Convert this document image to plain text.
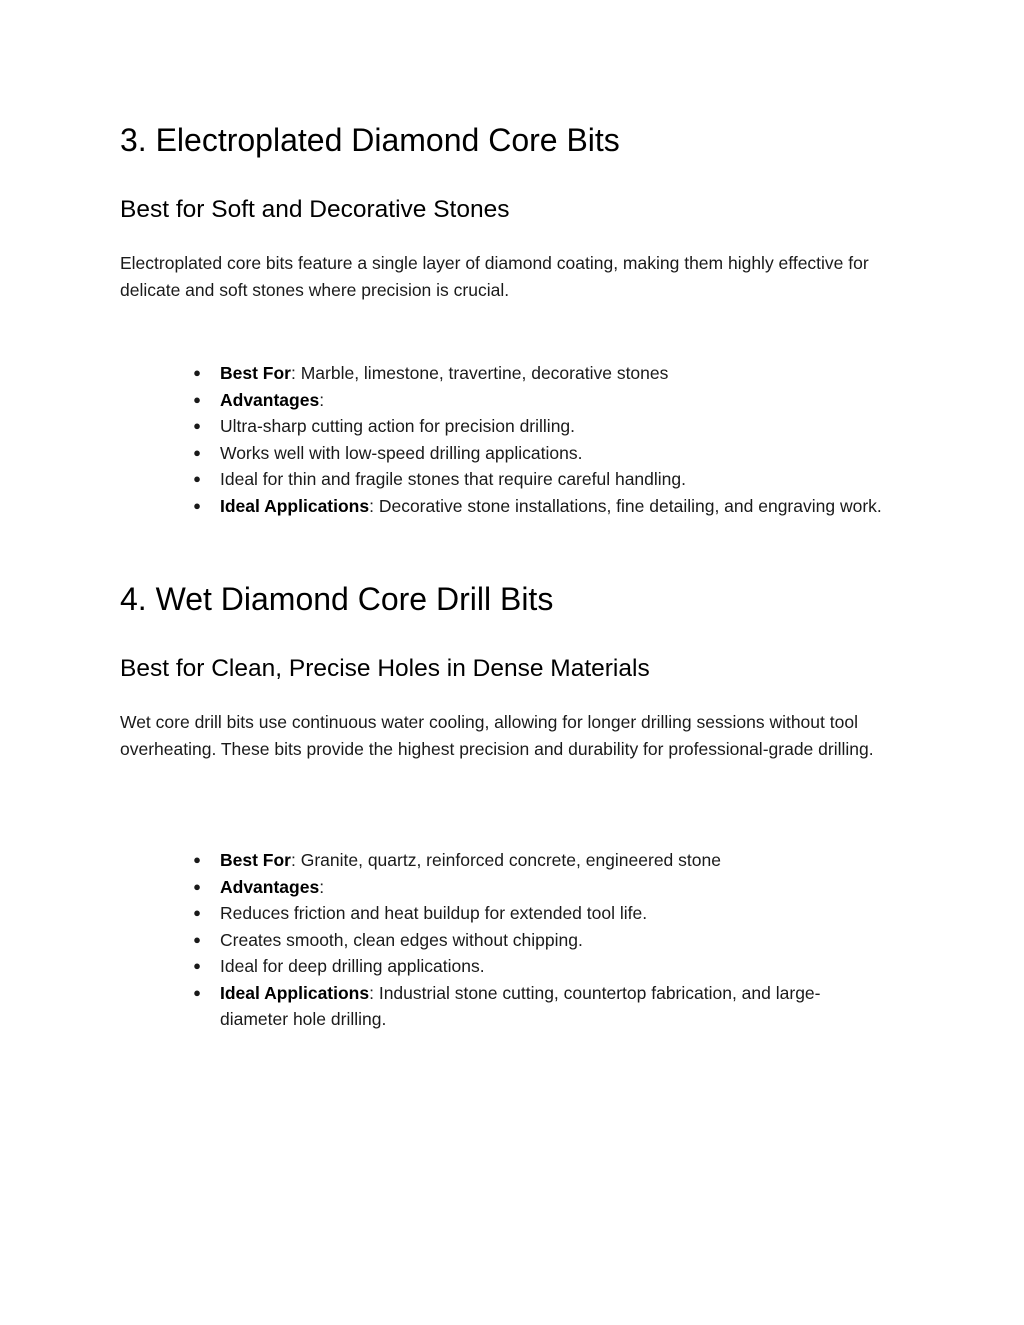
3. Electroplated Diamond Core Bits
Best for Soft and Decorative Stones

Electroplated core bits feature a single layer of diamond coating, making them highly effective for delicate and soft stones where precision is crucial.

● Best For: Marble, limestone, travertine, decorative stones
● Advantages:
● Ultra-sharp cutting action for precision drilling.
● Works well with low-speed drilling applications.
● Ideal for thin and fragile stones that require careful handling.
● Ideal Applications: Decorative stone installations, fine detailing, and engraving work.
4. Wet Diamond Core Drill Bits
Best for Clean, Precise Holes in Dense Materials

Wet core drill bits use continuous water cooling, allowing for longer drilling sessions without tool overheating. These bits provide the highest precision and durability for professional-grade drilling.

● Best For: Granite, quartz, reinforced concrete, engineered stone
● Advantages:
● Reduces friction and heat buildup for extended tool life.
● Creates smooth, clean edges without chipping.
● Ideal for deep drilling applications.
● Ideal Applications: Industrial stone cutting, countertop fabrication, and large-diameter hole drilling.
